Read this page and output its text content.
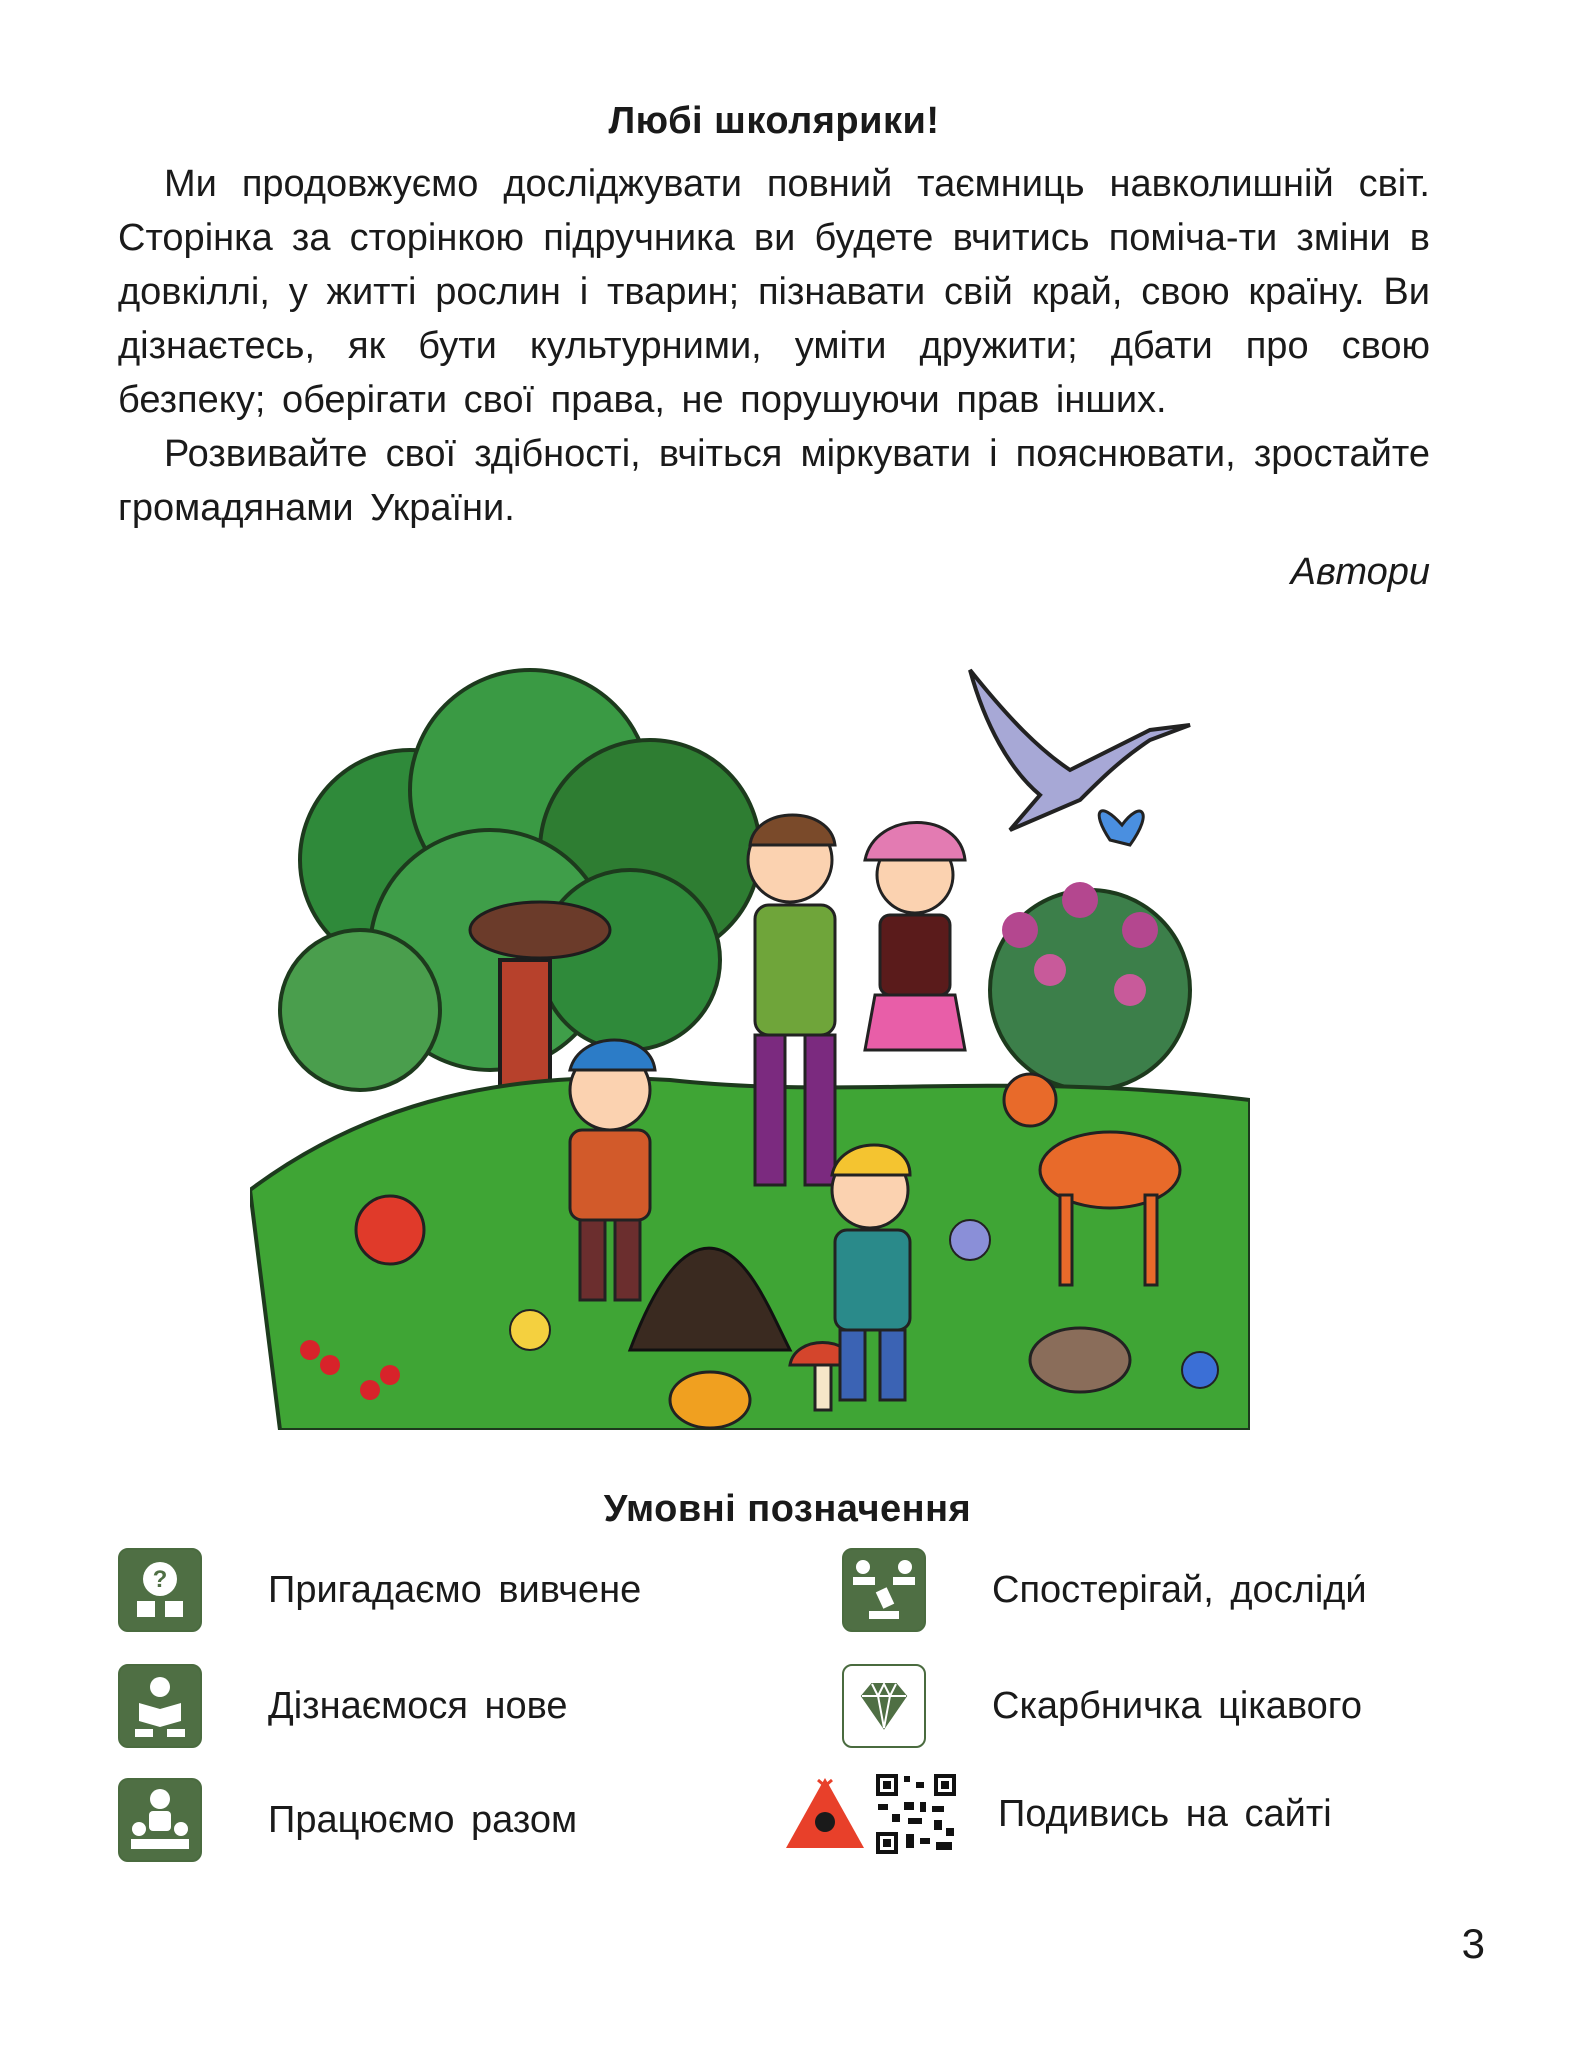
Любі школярики!

Ми продовжуємо досліджувати повний таємниць навколишній світ. Сторінка за сторінкою підручника ви будете вчитись поміча-ти зміни в довкіллі, у житті рослин і тварин; пізнавати свій край, свою країну. Ви дізнаєтесь, як бути культурними, уміти дружити; дбати про свою безпеку; оберігати свої права, не порушуючи прав інших.

Розвивайте свої здібності, вчіться міркувати і пояснювати, зростайте громадянами України.

Автори
Умовні позначення
?	Пригадаємо вивчене
Дізнаємося нове
Працюємо разом
Спостерігай, досліди́
Скарбничка цікавого
Подивись на сайті
3
